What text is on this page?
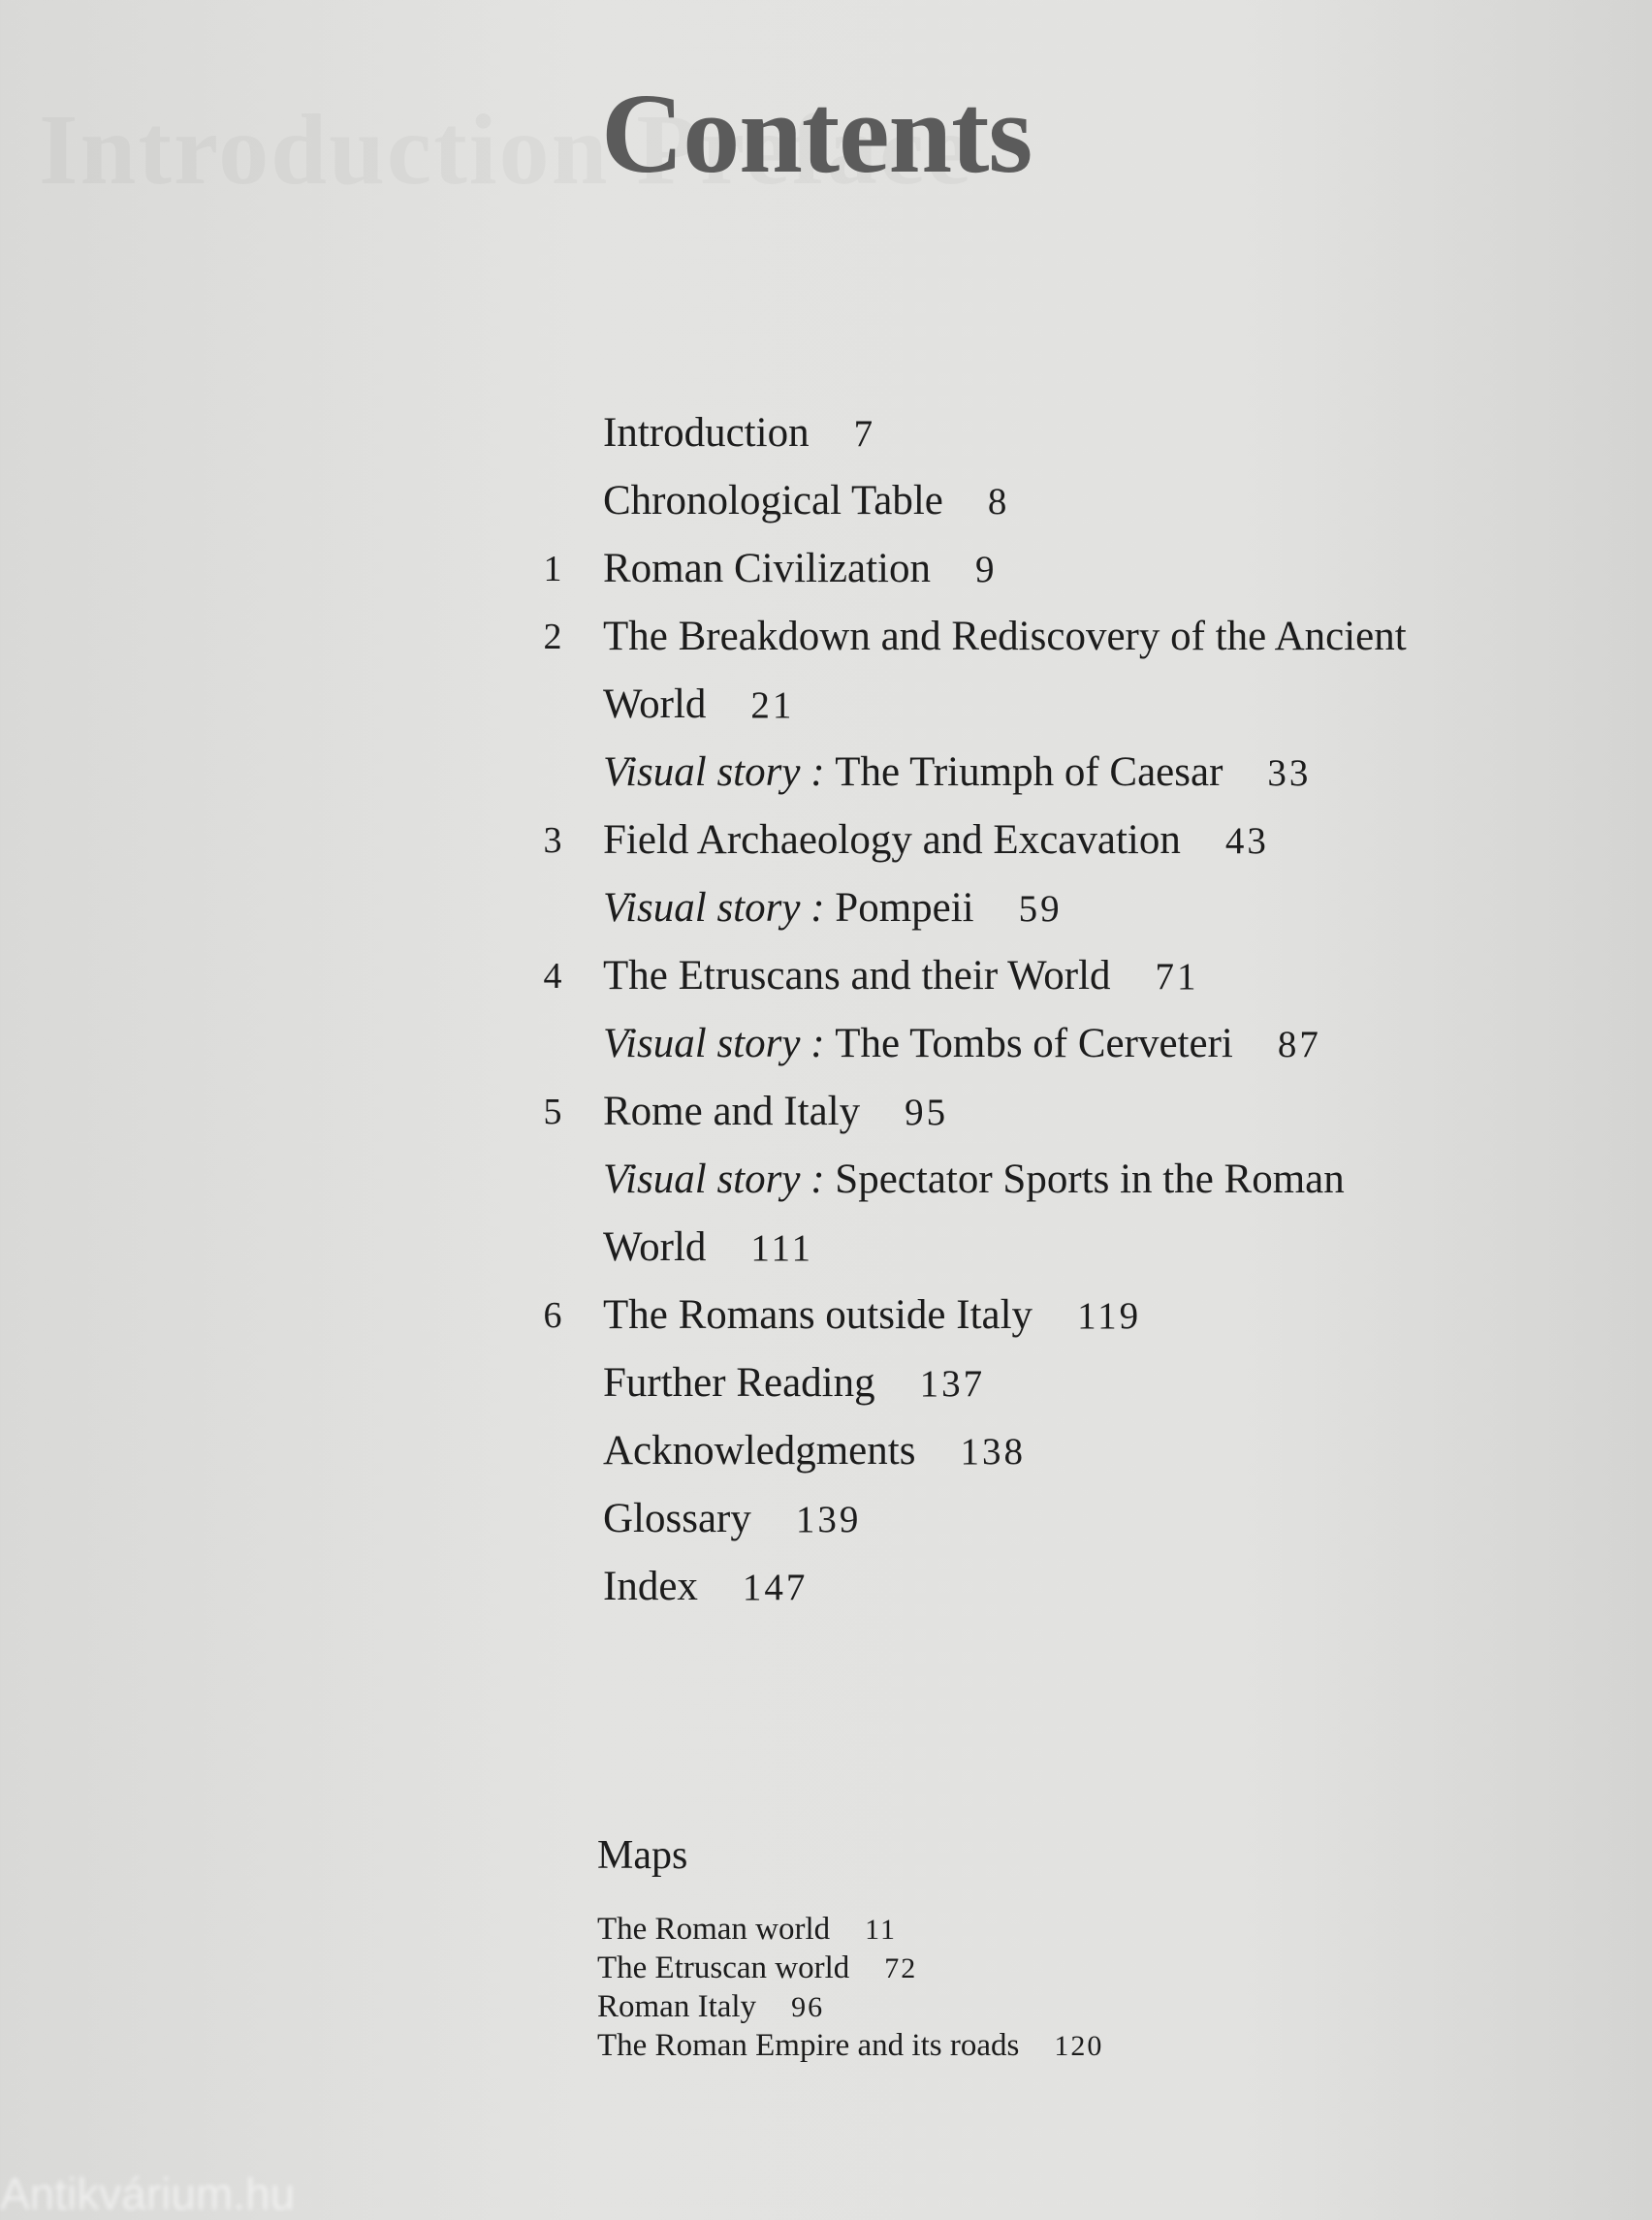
Contents
Introduction 7
Chronological Table 8
1 Roman Civilization 9
2 The Breakdown and Rediscovery of the Ancient
World 21
Visual story : The Triumph of Caesar 33
3 Field Archaeology and Excavation 43
Visual story : Pompeii 59
4 The Etruscans and their World 71
Visual story : The Tombs of Cerveteri 87
5 Rome and Italy 95
Visual story : Spectator Sports in the Roman
World 111
6 The Romans outside Italy 119
Further Reading 137
Acknowledgments 138
Glossary 139
Index 147
Maps
The Roman world 11
The Etruscan world 72
Roman Italy 96
The Roman Empire and its roads 120
Antikvárium.hu
